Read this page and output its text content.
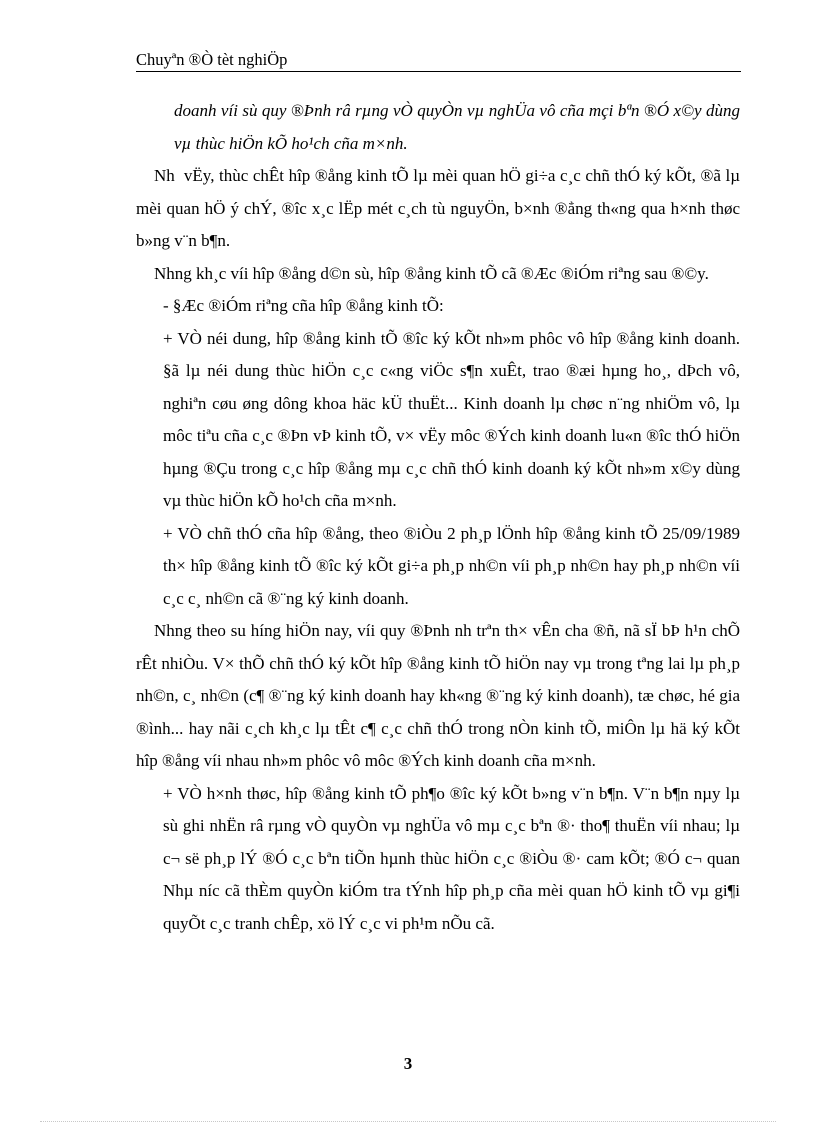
Chuyªn ®Ò tèt nghiÖp

doanh víi sù quy ®Þnh râ rµng vÒ quyÒn vµ nghÜa vô cña mçi bªn ®Ó x©y dùng vµ thùc hiÖn kÕ ho¹ch cña m×nh.

Nh  vËy, thùc chÊt hîp ®ång kinh tÕ lµ mèi quan hÖ gi÷a c¸c chñ thÓ ký kÕt, ®ã lµ mèi quan hÖ ý chÝ, ®îc x¸c lËp mét c¸ch tù nguyÖn, b×nh ®ẳng th«ng qua h×nh thøc b»ng v¨n b¶n.

Nhng kh¸c víi hîp ®ång d©n sù, hîp ®ång kinh tÕ cã ®Æc ®iÓm riªng sau ®©y.

- §Æc ®iÓm riªng cña hîp ®ång kinh tÕ:

+ VÒ néi dung, hîp ®ång kinh tÕ ®îc ký kÕt nh»m phôc vô hîp ®ång kinh doanh. §ã lµ néi dung thùc hiÖn c¸c c«ng viÖc s¶n xuÊt, trao ®æi hµng ho¸, dÞch vô, nghiªn cøu øng dông khoa häc kÜ thuËt... Kinh doanh lµ chøc n¨ng nhiÖm vô, lµ môc tiªu cña c¸c ®Þn vÞ kinh tÕ, v× vËy môc ®Ých kinh doanh lu«n ®îc thÓ hiÖn hµng ®Çu trong c¸c hîp ®ång mµ c¸c chñ thÓ kinh doanh ký kÕt nh»m x©y dùng vµ thùc hiÖn kÕ ho¹ch cña m×nh.

+ VÒ chñ thÓ cña hîp ®ång, theo ®iÒu 2 ph¸p lÖnh hîp ®ång kinh tÕ 25/09/1989 th× hîp ®ång kinh tÕ ®îc ký kÕt gi÷a ph¸p nh©n víi ph¸p nh©n hay ph¸p nh©n víi c¸c c¸ nh©n cã ®¨ng ký kinh doanh.

Nhng theo su híng hiÖn nay, víi quy ®Þnh nh trªn th× vÊn cha ®ñ, nã sÏ bÞ h¹n chÕ rÊt nhiÒu. V× thÕ chñ thÓ ký kÕt hîp ®ång kinh tÕ hiÖn nay vµ trong tªng lai lµ ph¸p nh©n, c¸ nh©n (c¶ ®¨ng ký kinh doanh hay kh«ng ®¨ng ký kinh doanh), tæ chøc, hé gia ®ình... hay nãi c¸ch kh¸c lµ tÊt c¶ c¸c chñ thÓ trong nÒn kinh tÕ, miÔn lµ hä ký kÕt hîp ®ång víi nhau nh»m phôc vô môc ®Ých kinh doanh cña m×nh.

+ VÒ h×nh thøc, hîp ®ång kinh tÕ ph¶o ®îc ký kÕt b»ng v¨n b¶n. V¨n b¶n nµy lµ sù ghi nhËn râ rµng vÒ quyÒn vµ nghÜa vô mµ c¸c bªn ®· tho¶ thuËn víi nhau; lµ c¬ së ph¸p lÝ ®Ó c¸c bªn tiÕn hµnh thùc hiÖn c¸c ®iÒu ®· cam kÕt; ®Ó c¬ quan Nhµ níc cã thÈm quyÒn kiÓm tra tÝnh hîp ph¸p cña mèi quan hÖ kinh tÕ vµ gi¶i quyÕt c¸c tranh chÊp, xö lÝ c¸c vi ph¹m nÕu cã.

3
